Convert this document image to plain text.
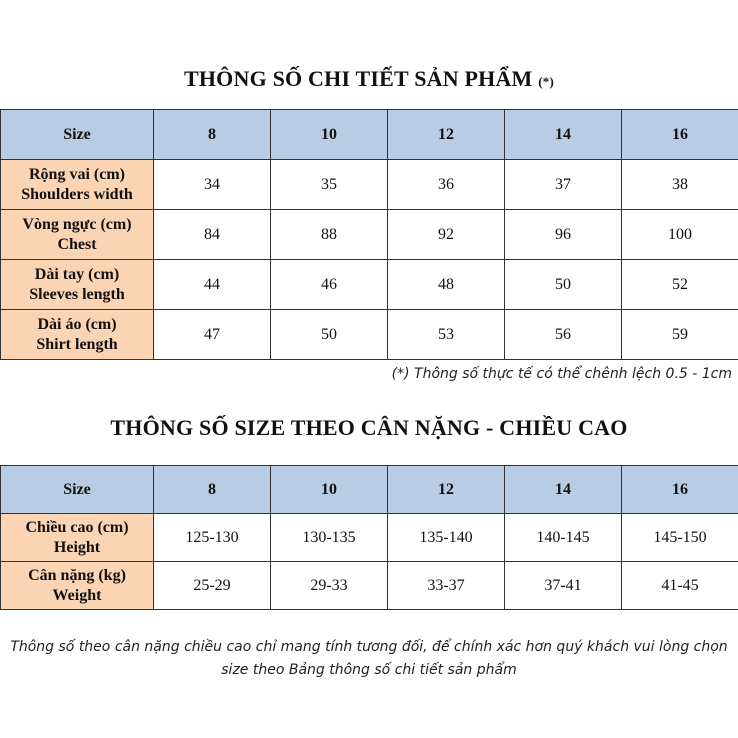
THÔNG SỐ CHI TIẾT SẢN PHẨM (*)
Size	8	10	12	14	16

Rộng vai (cm)
Shoulders width	34	35	36	37	38

Vòng ngực (cm)
Chest	84	88	92	96	100

Dài tay (cm)
Sleeves length	44	46	48	50	52

Dài áo (cm)
Shirt length	47	50	53	56	59
(*) Thông số thực tế có thể chênh lệch 0.5 - 1cm
THÔNG SỐ SIZE THEO CÂN NẶNG - CHIỀU CAO
Size	8	10	12	14	16

Chiều cao (cm)
Height	125-130	130-135	135-140	140-145	145-150

Cân nặng (kg)
Weight	25-29	29-33	33-37	37-41	41-45
Thông số theo cân nặng chiều cao chỉ mang tính tương đối, để chính xác hơn quý khách vui lòng chọn
size theo Bảng thông số chi tiết sản phẩm
